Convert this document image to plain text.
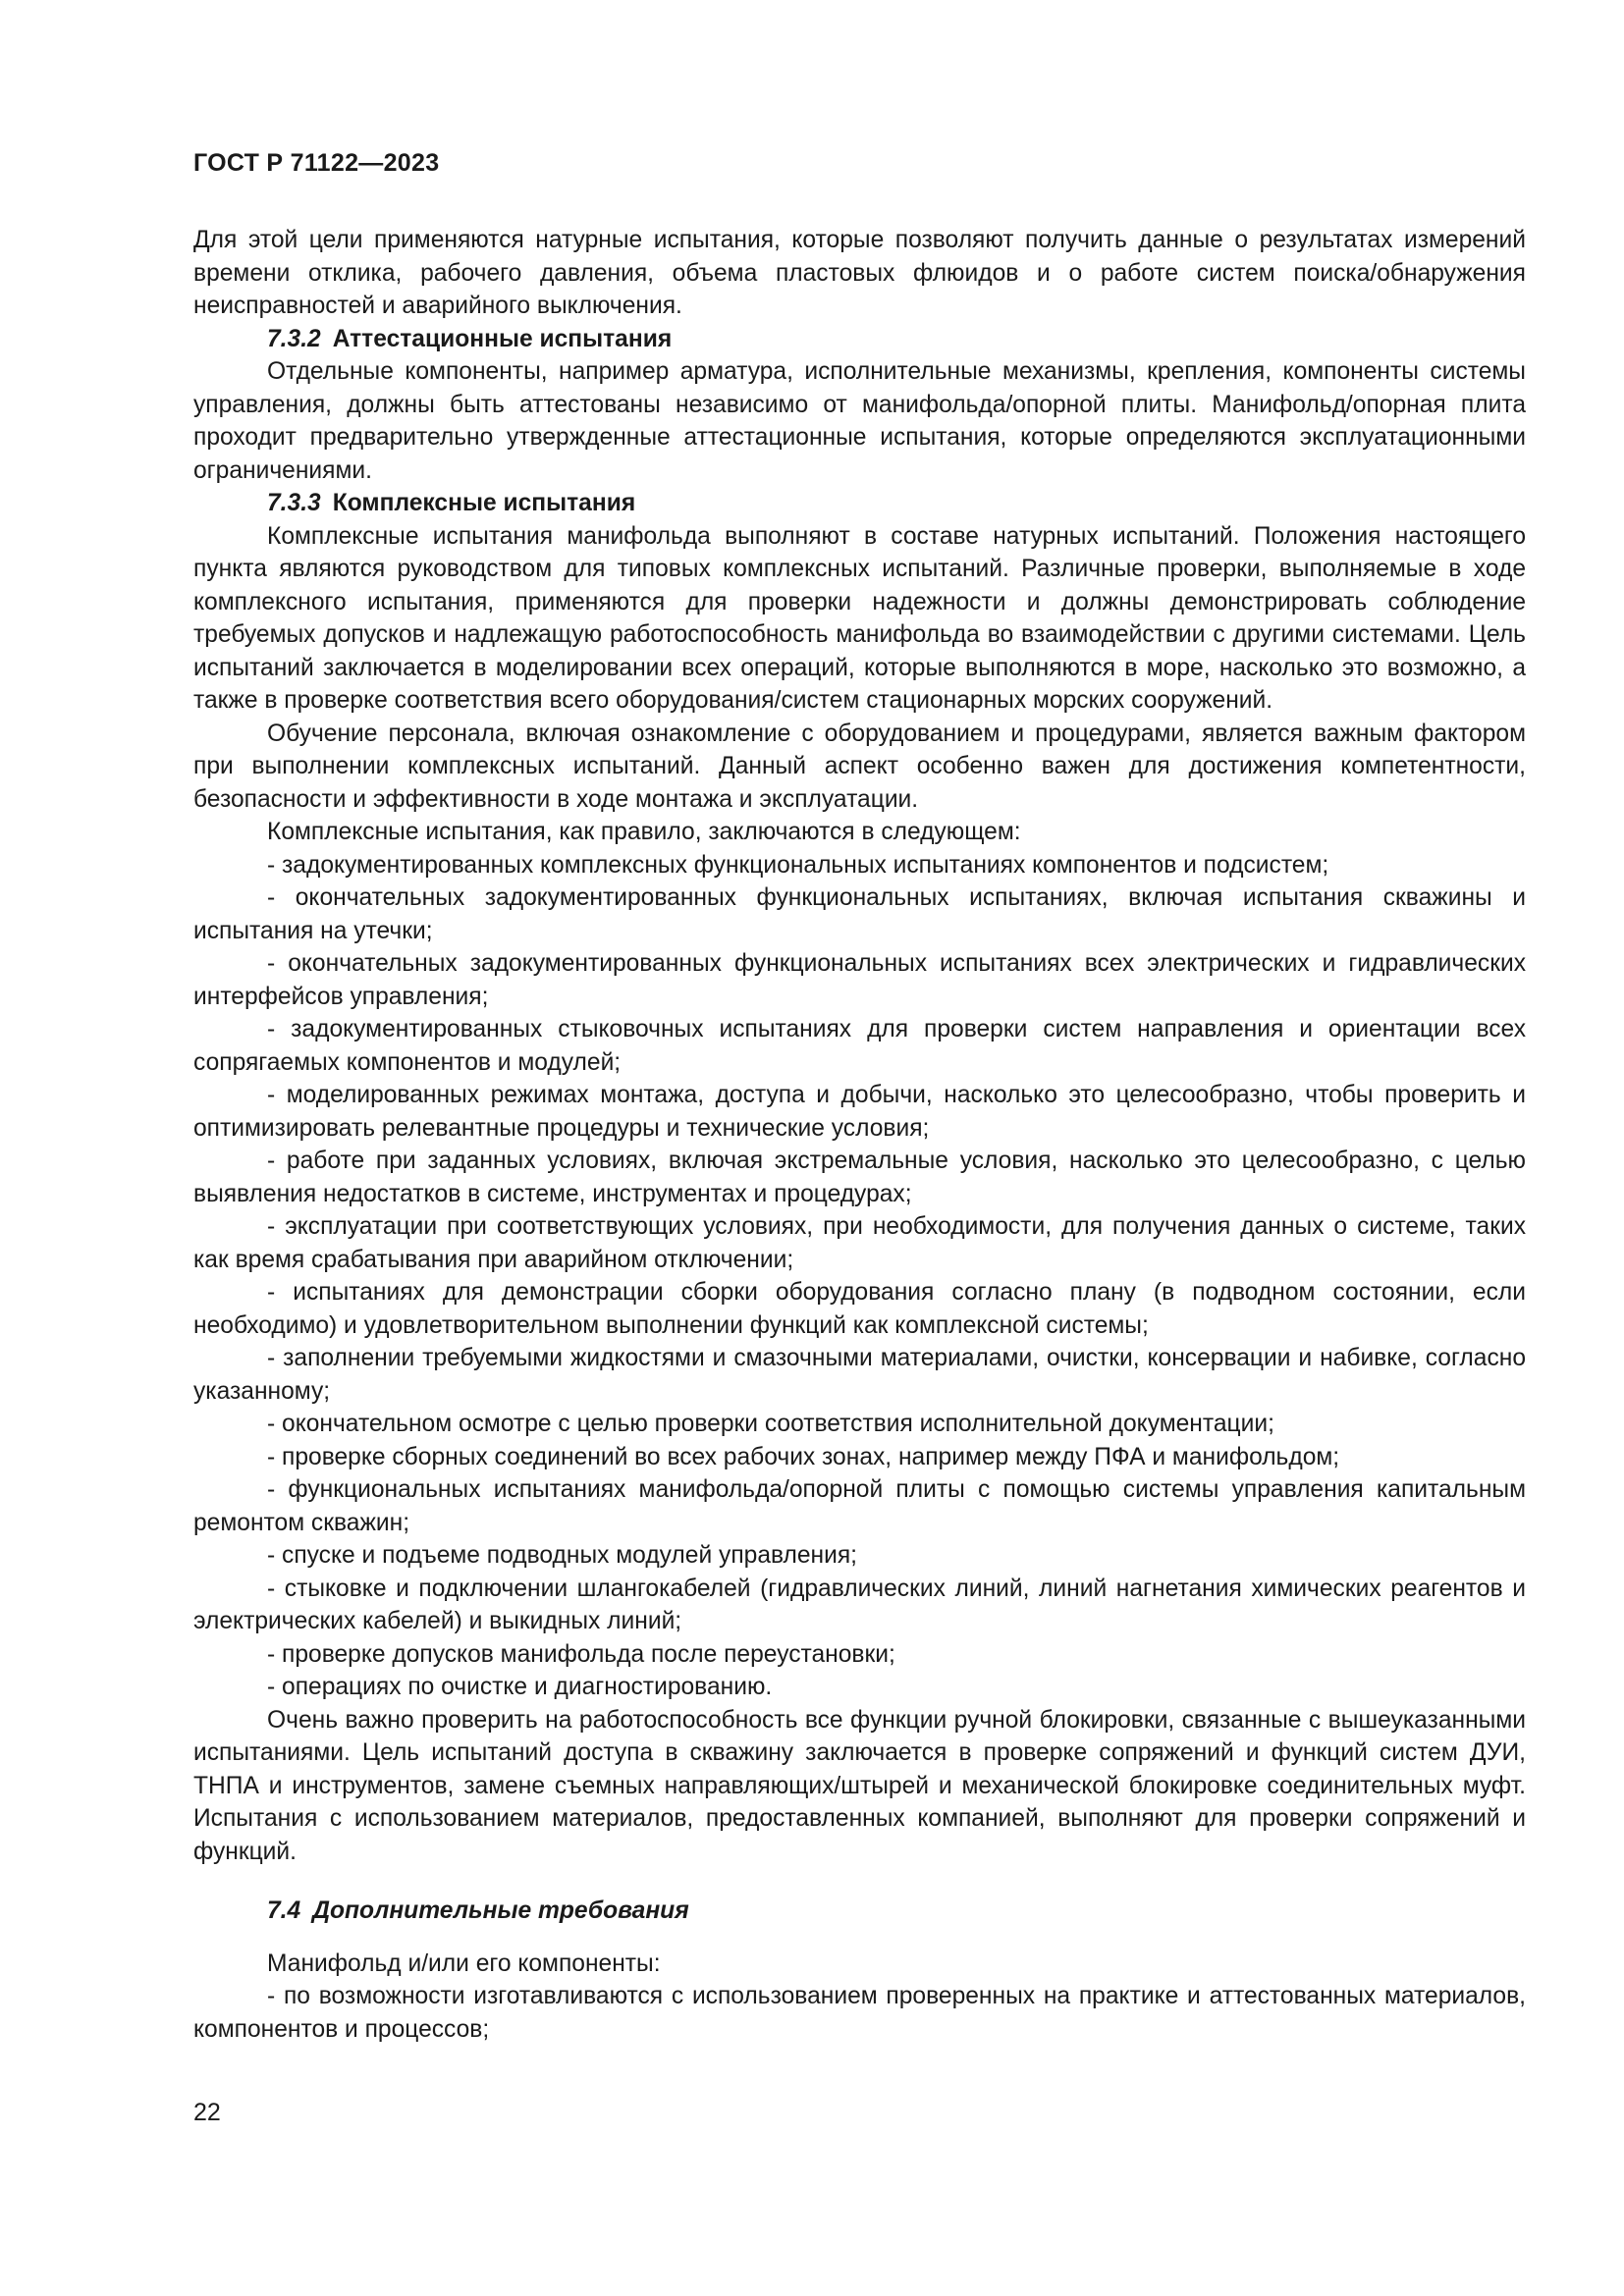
ГОСТ Р 71122—2023

Для этой цели применяются натурные испытания, которые позволяют получить данные о результатах измерений времени отклика, рабочего давления, объема пластовых флюидов и о работе систем поиска/обнаружения неисправностей и аварийного выключения.

7.3.2 Аттестационные испытания

Отдельные компоненты, например арматура, исполнительные механизмы, крепления, компоненты системы управления, должны быть аттестованы независимо от манифольда/опорной плиты. Манифольд/опорная плита проходит предварительно утвержденные аттестационные испытания, которые определяются эксплуатационными ограничениями.

7.3.3 Комплексные испытания

Комплексные испытания манифольда выполняют в составе натурных испытаний. Положения настоящего пункта являются руководством для типовых комплексных испытаний. Различные проверки, выполняемые в ходе комплексного испытания, применяются для проверки надежности и должны демонстрировать соблюдение требуемых допусков и надлежащую работоспособность манифольда во взаимодействии с другими системами. Цель испытаний заключается в моделировании всех операций, которые выполняются в море, насколько это возможно, а также в проверке соответствия всего оборудования/систем стационарных морских сооружений.

Обучение персонала, включая ознакомление с оборудованием и процедурами, является важным фактором при выполнении комплексных испытаний. Данный аспект особенно важен для достижения компетентности, безопасности и эффективности в ходе монтажа и эксплуатации.

Комплексные испытания, как правило, заключаются в следующем:

- задокументированных комплексных функциональных испытаниях компонентов и подсистем;

- окончательных задокументированных функциональных испытаниях, включая испытания скважины и испытания на утечки;

- окончательных задокументированных функциональных испытаниях всех электрических и гидравлических интерфейсов управления;

- задокументированных стыковочных испытаниях для проверки систем направления и ориентации всех сопрягаемых компонентов и модулей;

- моделированных режимах монтажа, доступа и добычи, насколько это целесообразно, чтобы проверить и оптимизировать релевантные процедуры и технические условия;

- работе при заданных условиях, включая экстремальные условия, насколько это целесообразно, с целью выявления недостатков в системе, инструментах и процедурах;

- эксплуатации при соответствующих условиях, при необходимости, для получения данных о системе, таких как время срабатывания при аварийном отключении;

- испытаниях для демонстрации сборки оборудования согласно плану (в подводном состоянии, если необходимо) и удовлетворительном выполнении функций как комплексной системы;

- заполнении требуемыми жидкостями и смазочными материалами, очистки, консервации и набивке, согласно указанному;

- окончательном осмотре с целью проверки соответствия исполнительной документации;

- проверке сборных соединений во всех рабочих зонах, например между ПФА и манифольдом;

- функциональных испытаниях манифольда/опорной плиты с помощью системы управления капитальным ремонтом скважин;

- спуске и подъеме подводных модулей управления;

- стыковке и подключении шлангокабелей (гидравлических линий, линий нагнетания химических реагентов и электрических кабелей) и выкидных линий;

- проверке допусков манифольда после переустановки;

- операциях по очистке и диагностированию.

Очень важно проверить на работоспособность все функции ручной блокировки, связанные с вышеуказанными испытаниями. Цель испытаний доступа в скважину заключается в проверке сопряжений и функций систем ДУИ, ТНПА и инструментов, замене съемных направляющих/штырей и механической блокировке соединительных муфт. Испытания с использованием материалов, предоставленных компанией, выполняют для проверки сопряжений и функций.

7.4 Дополнительные требования

Манифольд и/или его компоненты:

- по возможности изготавливаются с использованием проверенных на практике и аттестованных материалов, компонентов и процессов;

22
